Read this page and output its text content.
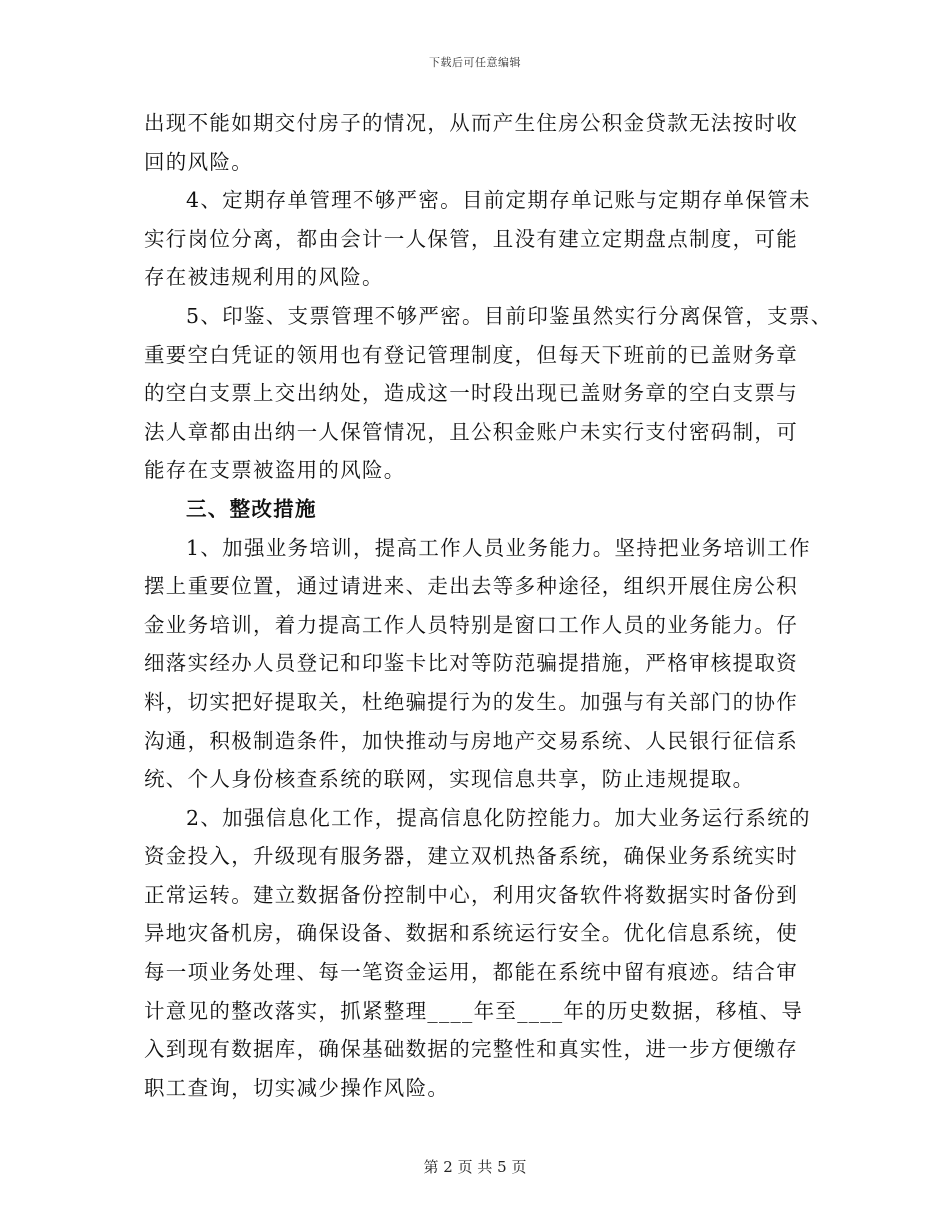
下载后可任意编辑
出现不能如期交付房子的情况，从而产生住房公积金贷款无法按时收
回的风险。
4、定期存单管理不够严密。目前定期存单记账与定期存单保管未
实行岗位分离，都由会计一人保管，且没有建立定期盘点制度，可能
存在被违规利用的风险。
5、印鉴、支票管理不够严密。目前印鉴虽然实行分离保管，支票、
重要空白凭证的领用也有登记管理制度，但每天下班前的已盖财务章
的空白支票上交出纳处，造成这一时段出现已盖财务章的空白支票与
法人章都由出纳一人保管情况，且公积金账户未实行支付密码制，可
能存在支票被盗用的风险。
三、整改措施
1、加强业务培训，提高工作人员业务能力。坚持把业务培训工作
摆上重要位置，通过请进来、走出去等多种途径，组织开展住房公积
金业务培训，着力提高工作人员特别是窗口工作人员的业务能力。仔
细落实经办人员登记和印鉴卡比对等防范骗提措施，严格审核提取资
料，切实把好提取关，杜绝骗提行为的发生。加强与有关部门的协作
沟通，积极制造条件，加快推动与房地产交易系统、人民银行征信系
统、个人身份核查系统的联网，实现信息共享，防止违规提取。
2、加强信息化工作，提高信息化防控能力。加大业务运行系统的
资金投入，升级现有服务器，建立双机热备系统，确保业务系统实时
正常运转。建立数据备份控制中心，利用灾备软件将数据实时备份到
异地灾备机房，确保设备、数据和系统运行安全。优化信息系统，使
每一项业务处理、每一笔资金运用，都能在系统中留有痕迹。结合审
计意见的整改落实，抓紧整理____年至____年的历史数据，移植、导
入到现有数据库，确保基础数据的完整性和真实性，进一步方便缴存
职工查询，切实减少操作风险。
第 2 页 共 5 页
